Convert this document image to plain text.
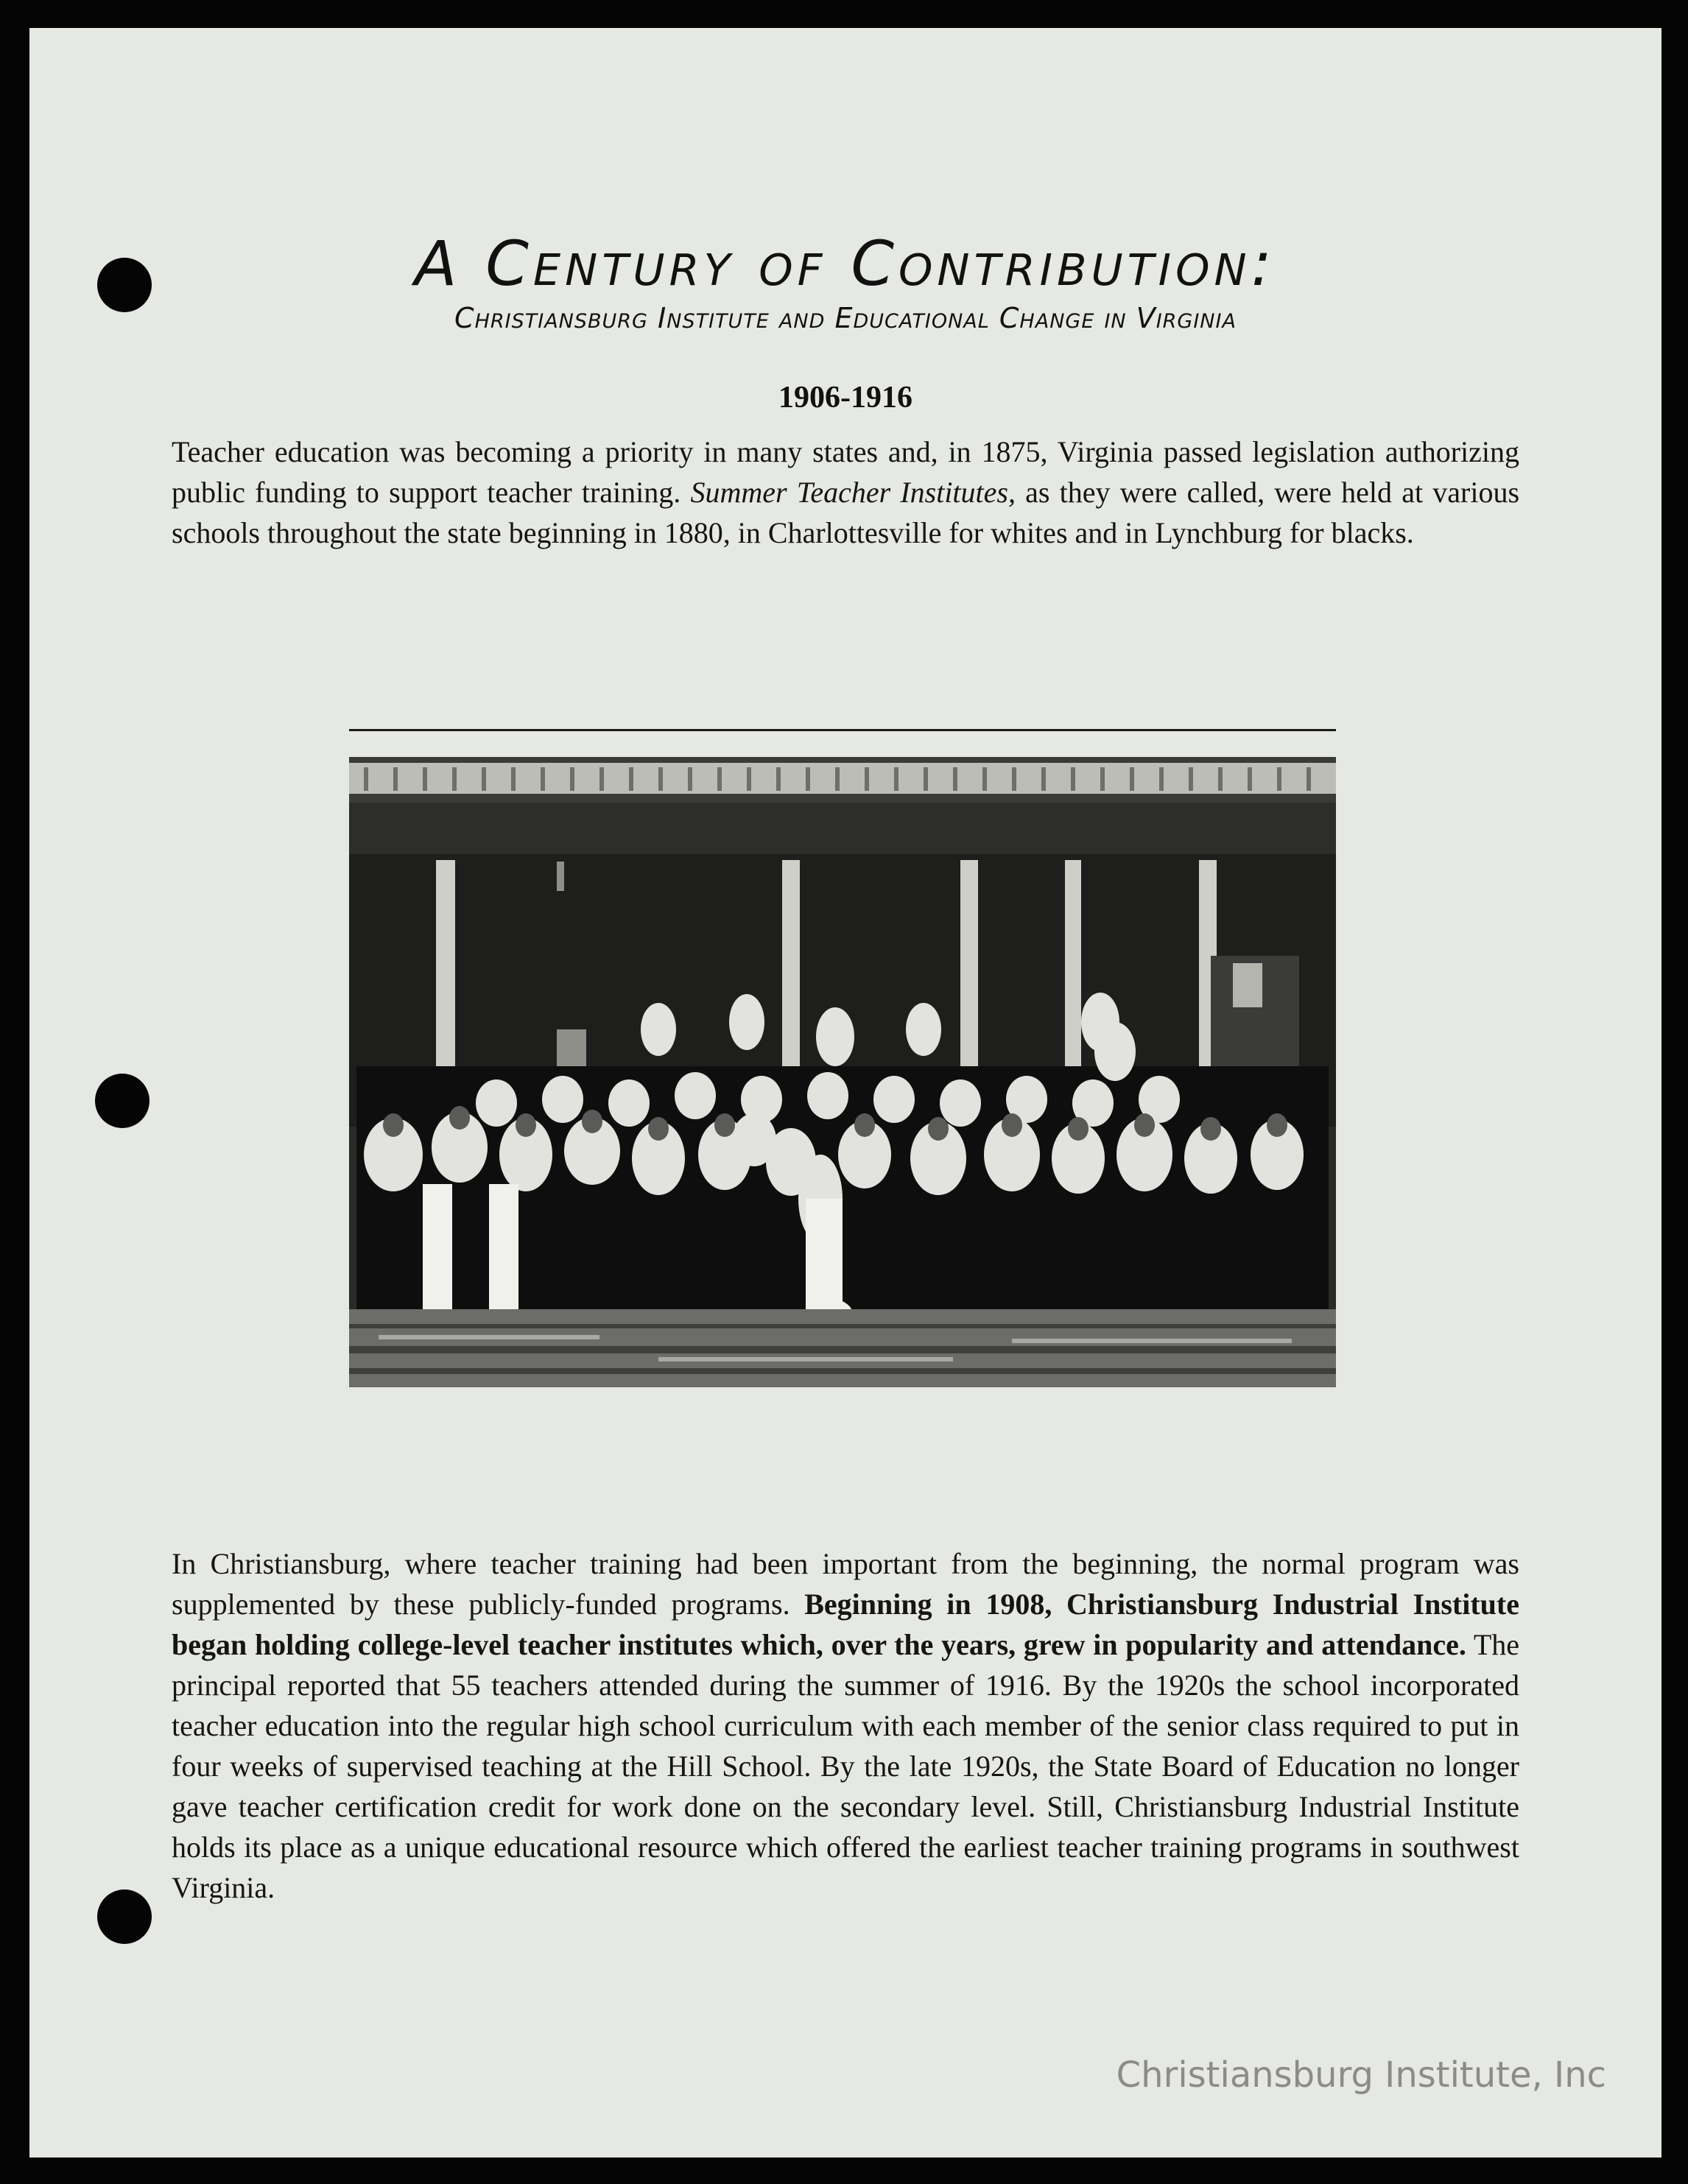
A Century of Contribution:
Christiansburg Institute and Educational Change in Virginia
1906-1916
Teacher education was becoming a priority in many states and, in 1875, Virginia passed legislation authorizing public funding to support teacher training. Summer Teacher Institutes, as they were called, were held at various schools throughout the state beginning in 1880, in Charlottesville for whites and in Lynchburg for blacks.
In Christiansburg, where teacher training had been important from the beginning, the normal program was supplemented by these publicly-funded programs. Beginning in 1908, Christiansburg Industrial Institute began holding college-level teacher institutes which, over the years, grew in popularity and attendance. The principal reported that 55 teachers attended during the summer of 1916. By the 1920s the school incorporated teacher education into the regular high school curriculum with each member of the senior class required to put in four weeks of supervised teaching at the Hill School. By the late 1920s, the State Board of Education no longer gave teacher certification credit for work done on the secondary level. Still, Christiansburg Industrial Institute holds its place as a unique educational resource which offered the earliest teacher training programs in southwest Virginia.
Christiansburg Institute, Inc
